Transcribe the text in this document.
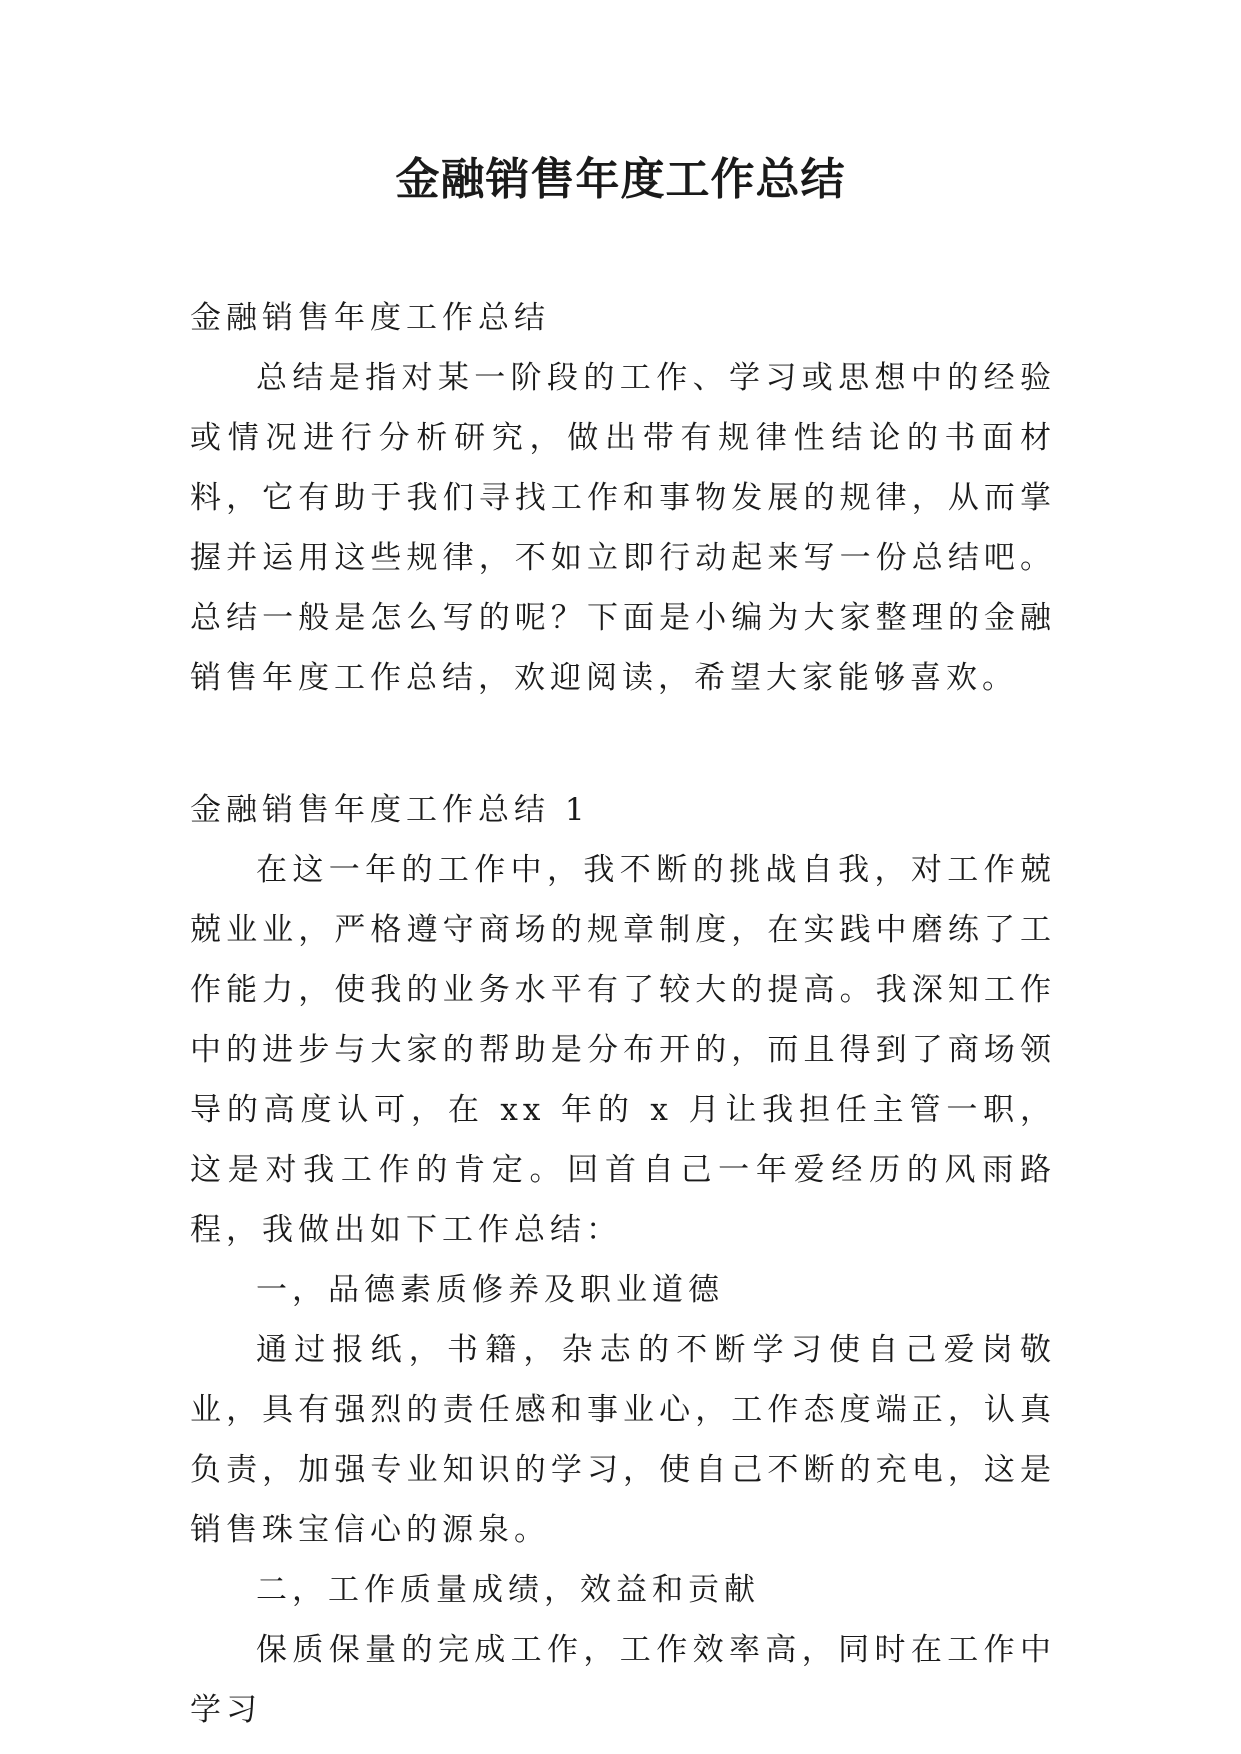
金融销售年度工作总结

金融销售年度工作总结

总结是指对某一阶段的工作、学习或思想中的经验或情况进行分析研究，做出带有规律性结论的书面材料，它有助于我们寻找工作和事物发展的规律，从而掌握并运用这些规律，不如立即行动起来写一份总结吧。总结一般是怎么写的呢？下面是小编为大家整理的金融销售年度工作总结，欢迎阅读，希望大家能够喜欢。

金融销售年度工作总结 1

在这一年的工作中，我不断的挑战自我，对工作兢兢业业，严格遵守商场的规章制度，在实践中磨练了工作能力，使我的业务水平有了较大的提高。我深知工作中的进步与大家的帮助是分布开的，而且得到了商场领导的高度认可，在 xx 年的 x 月让我担任主管一职，这是对我工作的肯定。回首自己一年爱经历的风雨路程，我做出如下工作总结：

一，品德素质修养及职业道德

通过报纸，书籍，杂志的不断学习使自己爱岗敬业，具有强烈的责任感和事业心，工作态度端正，认真负责，加强专业知识的学习，使自己不断的充电，这是销售珠宝信心的源泉。

二，工作质量成绩，效益和贡献

保质保量的完成工作，工作效率高，同时在工作中学习
